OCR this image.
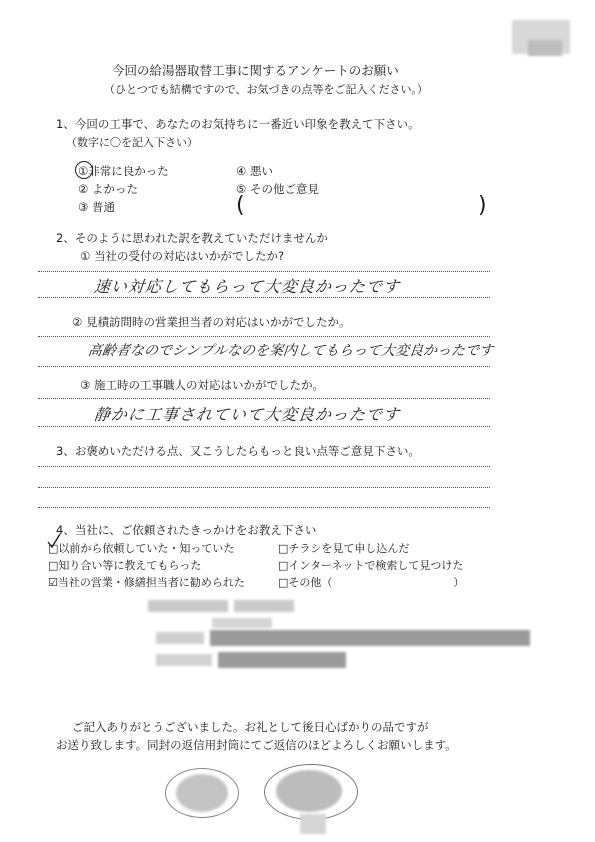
今回の給湯器取替工事に関するアンケートのお願い
（ひとつでも結構ですので、お気づきの点等をご記入ください。）
1、今回の工事で、あなたのお気持ちに一番近い印象を教えて下さい。
（数字に〇を記入下さい）
①非常に良かった
② よかった
③ 普通
④ 悪い
⑤ その他ご意見
(	)
2、そのように思われた訳を教えていただけませんか
① 当社の受付の対応はいかがでしたか?
速い対応してもらって大変良かったです
② 見積訪問時の営業担当者の対応はいかがでしたか。
高齢者なのでシンプルなのを案内してもらって大変良かったです
③ 施工時の工事職人の対応はいかがでしたか。
静かに工事されていて大変良かったです
3、お褒めいただける点、又こうしたらもっと良い点等ご意見下さい。
4、当社に、ご依頼されたきっかけをお教え下さい
□以前から依頼していた・知っていた
□知り合い等に教えてもらった
☑当社の営業・修繕担当者に勧められた
□チラシを見て申し込んだ
□インターネットで検索して見つけた
□その他（　　　　　　　　　　　）
ご記入ありがとうございました。お礼として後日心ばかりの品ですが
お送り致します。同封の返信用封筒にてご返信のほどよろしくお願いします。
